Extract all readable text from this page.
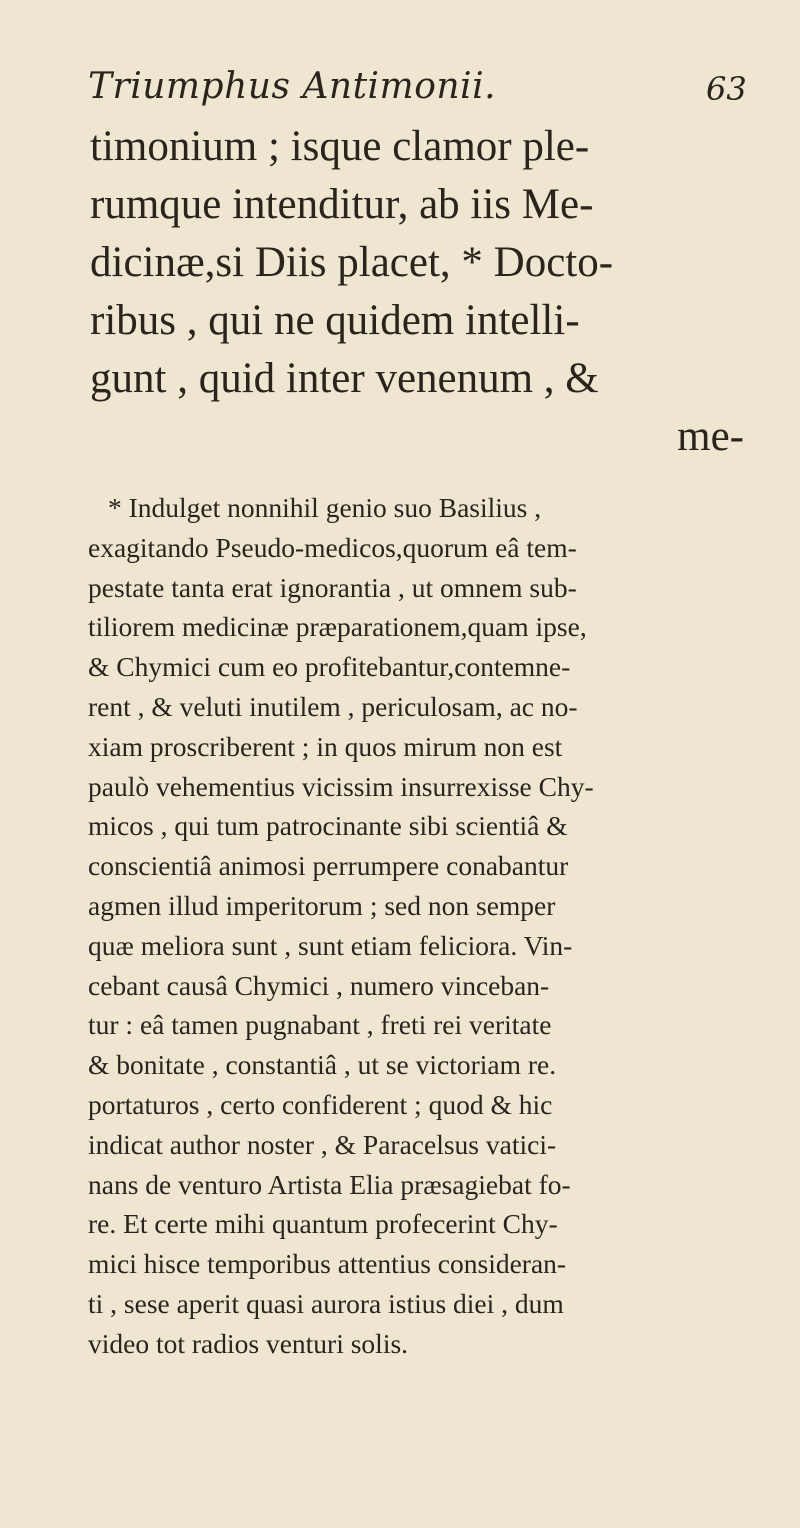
Triumphus Antimonii.	63
timonium ; isque clamor ple-
rumque intenditur, ab iis Me-
dicinæ,si Diis placet, * Docto-
ribus , qui ne quidem intelli-
gunt , quid inter venenum , &
me-
* Indulget nonnihil genio suo Basilius ,
exagitando Pseudo-medicos,quorum eâ tem-
pestate tanta erat ignorantia , ut omnem sub-
tiliorem medicinæ præparationem,quam ipse,
& Chymici cum eo profitebantur,contemne-
rent , & veluti inutilem , periculosam, ac no-
xiam proscriberent ; in quos mirum non est
paulò vehementius vicissim insurrexisse Chy-
micos , qui tum patrocinante sibi scientiâ &
conscientiâ animosi perrumpere conabantur
agmen illud imperitorum ; sed non semper
quæ meliora sunt , sunt etiam feliciora. Vin-
cebant causâ Chymici , numero vinceban-
tur : eâ tamen pugnabant , freti rei veritate
& bonitate , constantiâ , ut se victoriam re.
portaturos , certo confiderent ; quod & hic
indicat author noster , & Paracelsus vatici-
nans de venturo Artista Elia præsagiebat fo-
re. Et certe mihi quantum profecerint Chy-
mici hisce temporibus attentius consideran-
ti , sese aperit quasi aurora istius diei , dum
video tot radios venturi solis.
